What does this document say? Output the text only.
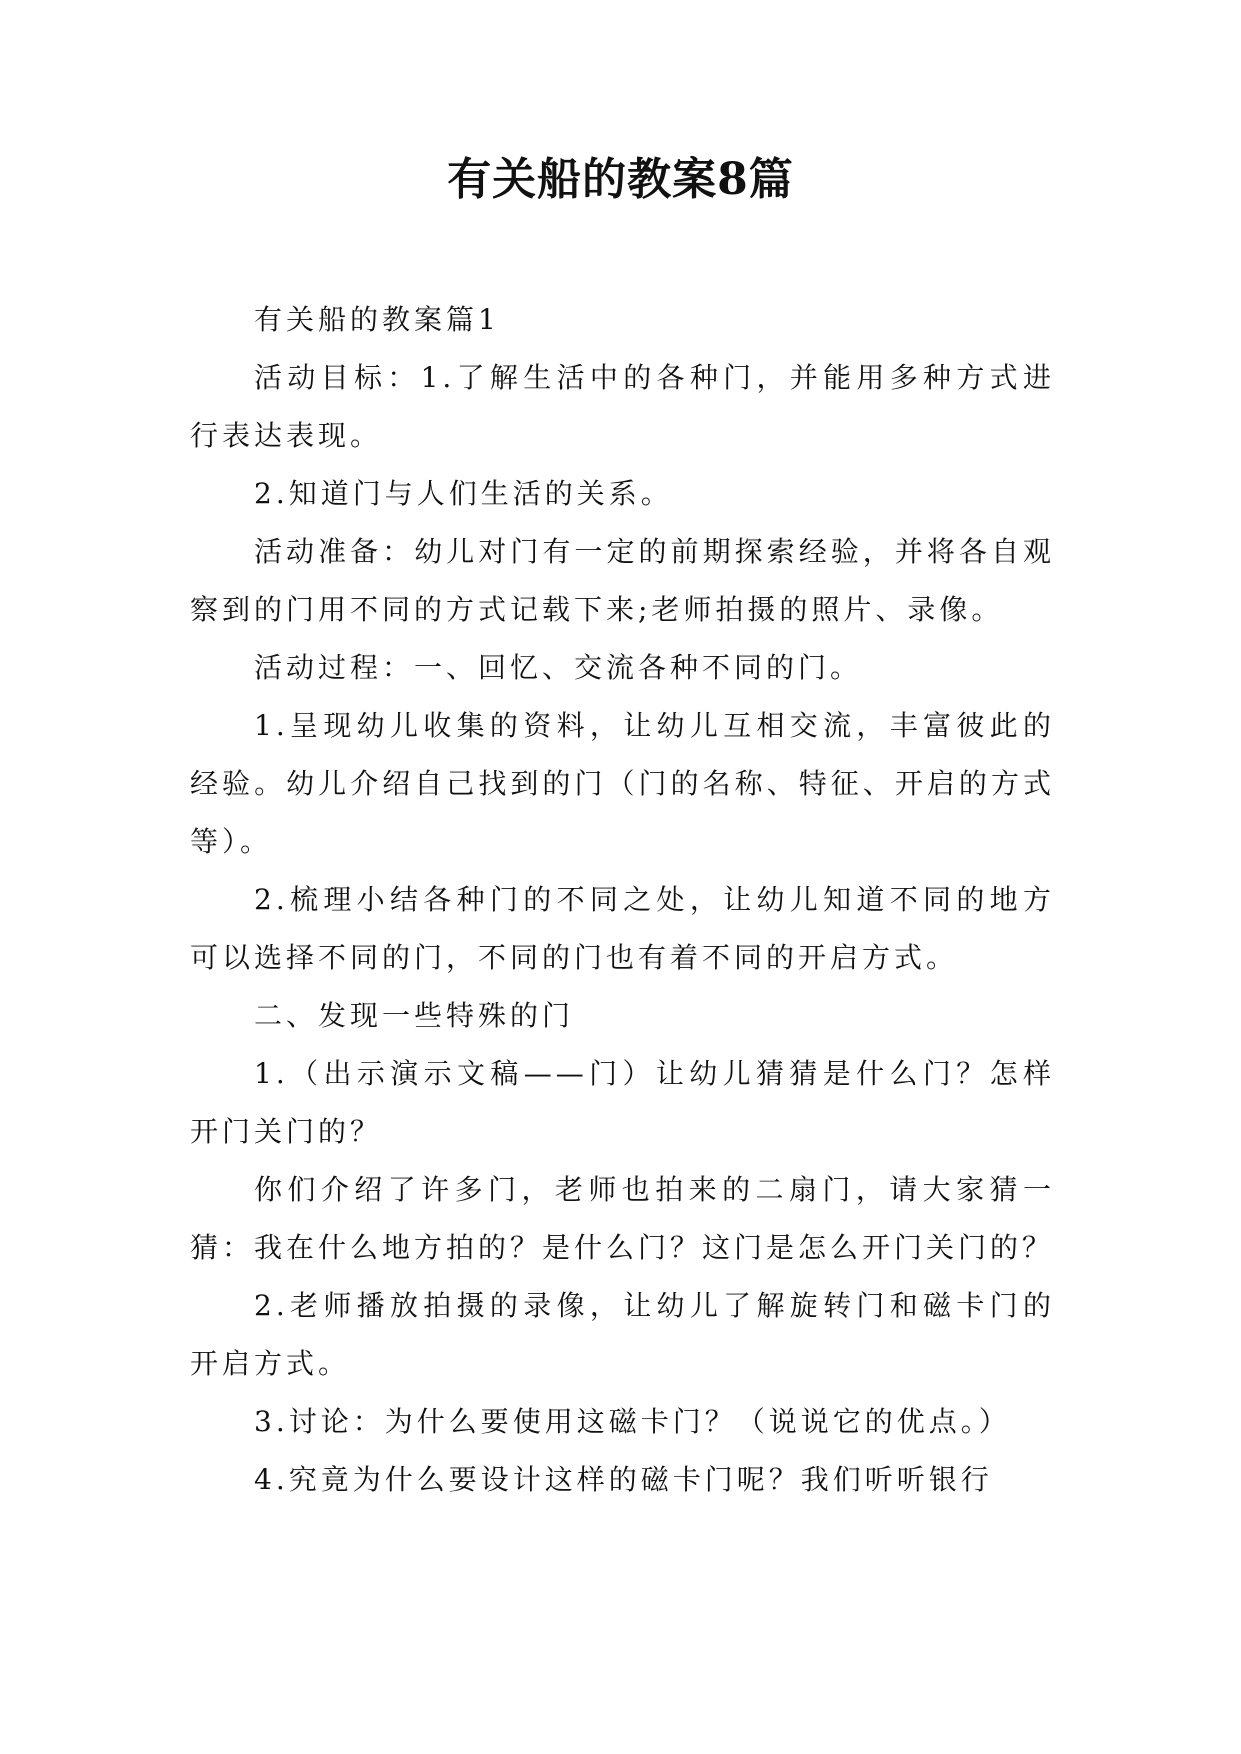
有关船的教案8篇

有关船的教案篇1

活动目标：1.了解生活中的各种门，并能用多种方式进行表达表现。

2.知道门与人们生活的关系。

活动准备：幼儿对门有一定的前期探索经验，并将各自观察到的门用不同的方式记载下来;老师拍摄的照片、录像。

活动过程：一、回忆、交流各种不同的门。

1.呈现幼儿收集的资料，让幼儿互相交流，丰富彼此的经验。幼儿介绍自己找到的门（门的名称、特征、开启的方式等）。

2.梳理小结各种门的不同之处，让幼儿知道不同的地方可以选择不同的门，不同的门也有着不同的开启方式。

二、发现一些特殊的门

1.（出示演示文稿——门）让幼儿猜猜是什么门？怎样开门关门的？

你们介绍了许多门，老师也拍来的二扇门，请大家猜一猜：我在什么地方拍的？是什么门？这门是怎么开门关门的？

2.老师播放拍摄的录像，让幼儿了解旋转门和磁卡门的开启方式。

3.讨论：为什么要使用这磁卡门？（说说它的优点。）

4.究竟为什么要设计这样的磁卡门呢？我们听听银行
